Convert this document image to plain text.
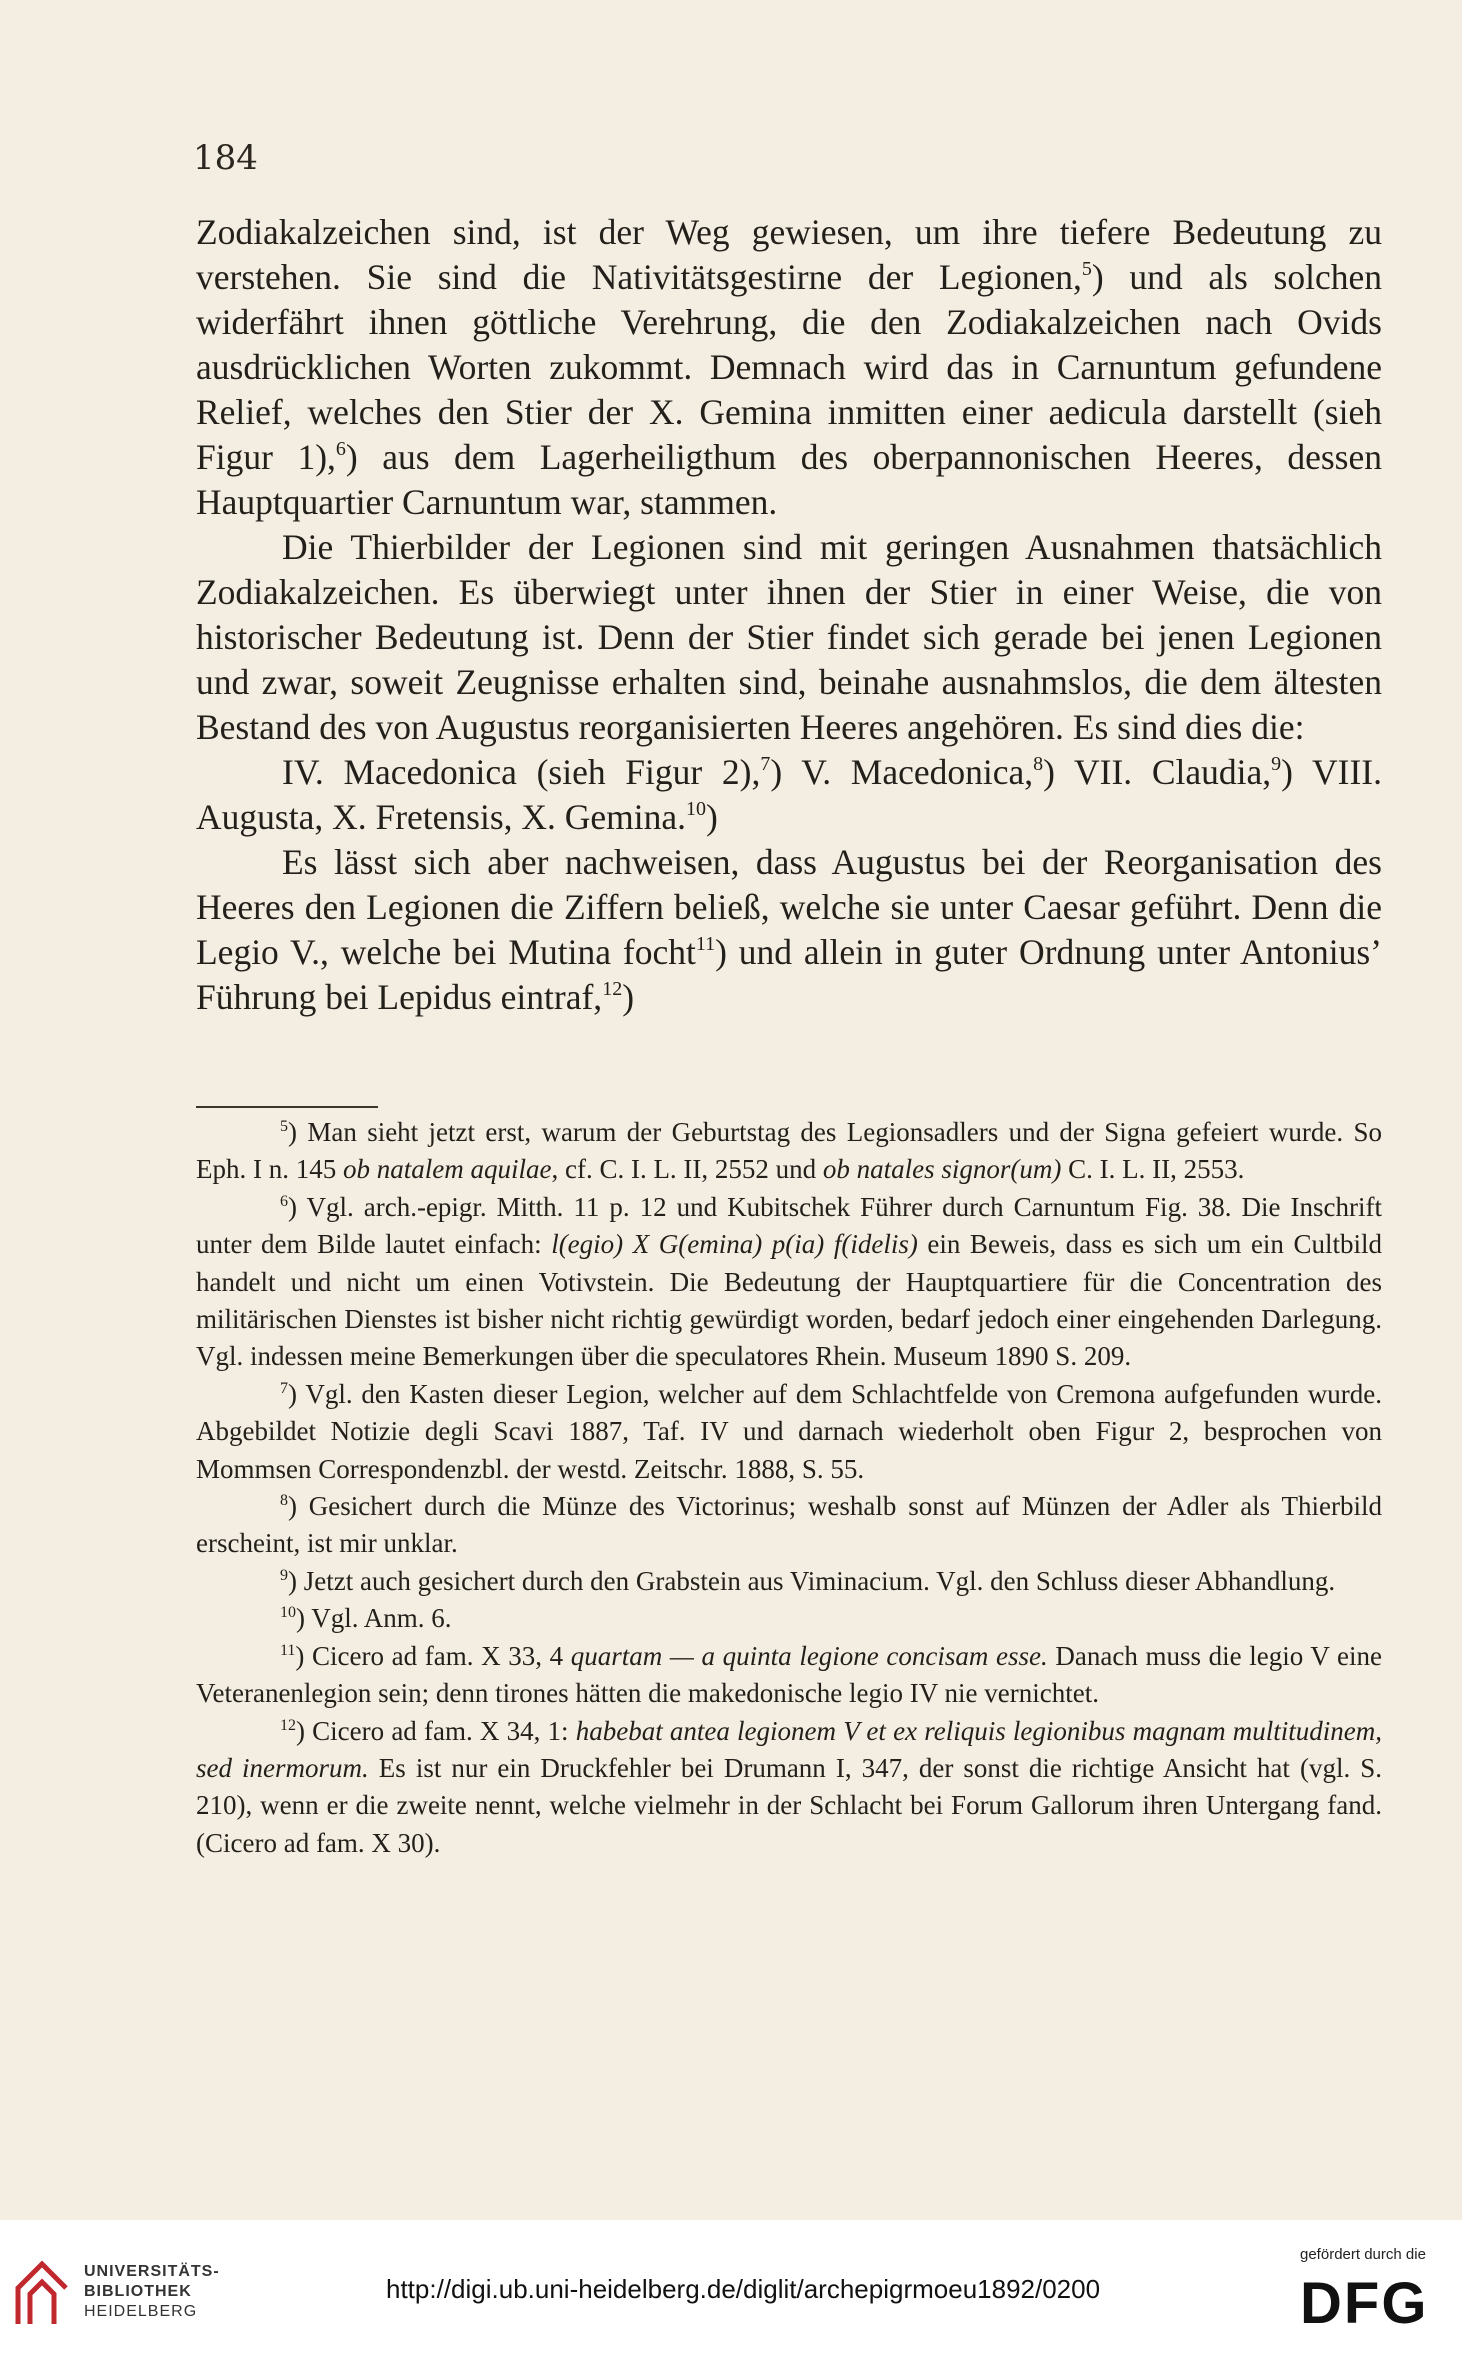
184

Zodiakalzeichen sind, ist der Weg gewiesen, um ihre tiefere Bedeutung zu verstehen. Sie sind die Nativitätsgestirne der Legionen,$^5$) und als solchen widerfährt ihnen göttliche Verehrung, die den Zodiakalzeichen nach Ovids ausdrücklichen Worten zukommt. Demnach wird das in Carnuntum gefundene Relief, welches den Stier der X. Gemina inmitten einer aedicula darstellt (sieh Figur 1),$^6$) aus dem Lagerheiligthum des oberpannonischen Heeres, dessen Hauptquartier Carnuntum war, stammen.

Die Thierbilder der Legionen sind mit geringen Ausnahmen thatsächlich Zodiakalzeichen. Es überwiegt unter ihnen der Stier in einer Weise, die von historischer Bedeutung ist. Denn der Stier findet sich gerade bei jenen Legionen und zwar, soweit Zeugnisse erhalten sind, beinahe ausnahmslos, die dem ältesten Bestand des von Augustus reorganisierten Heeres angehören. Es sind dies die:

IV. Macedonica (sieh Figur 2),$^7$) V. Macedonica,$^8$) VII. Claudia,$^9$) VIII. Augusta, X. Fretensis, X. Gemina.$^{10}$)

Es lässt sich aber nachweisen, dass Augustus bei der Reorganisation des Heeres den Legionen die Ziffern beließ, welche sie unter Caesar geführt. Denn die Legio V., welche bei Mutina focht$^{11}$) und allein in guter Ordnung unter Antonius’ Führung bei Lepidus eintraf,$^{12}$)

$^5$) Man sieht jetzt erst, warum der Geburtstag des Legionsadlers und der Signa gefeiert wurde. So Eph. I n. 145 ob natalem aquilae, cf. C. I. L. II, 2552 und ob natales signor(um) C. I. L. II, 2553.

$^6$) Vgl. arch.-epigr. Mitth. 11 p. 12 und Kubitschek Führer durch Carnuntum Fig. 38. Die Inschrift unter dem Bilde lautet einfach: l(egio) X G(emina) p(ia) f(idelis) ein Beweis, dass es sich um ein Cultbild handelt und nicht um einen Votivstein. Die Bedeutung der Hauptquartiere für die Concentration des militärischen Dienstes ist bisher nicht richtig gewürdigt worden, bedarf jedoch einer eingehenden Darlegung. Vgl. indessen meine Bemerkungen über die speculatores Rhein. Museum 1890 S. 209.

$^7$) Vgl. den Kasten dieser Legion, welcher auf dem Schlachtfelde von Cremona aufgefunden wurde. Abgebildet Notizie degli Scavi 1887, Taf. IV und darnach wiederholt oben Figur 2, besprochen von Mommsen Correspondenzbl. der westd. Zeitschr. 1888, S. 55.

$^8$) Gesichert durch die Münze des Victorinus; weshalb sonst auf Münzen der Adler als Thierbild erscheint, ist mir unklar.

$^9$) Jetzt auch gesichert durch den Grabstein aus Viminacium. Vgl. den Schluss dieser Abhandlung.

$^{10}$) Vgl. Anm. 6.

$^{11}$) Cicero ad fam. X 33, 4 quartam — a quinta legione concisam esse. Danach muss die legio V eine Veteranenlegion sein; denn tirones hätten die makedonische legio IV nie vernichtet.

$^{12}$) Cicero ad fam. X 34, 1: habebat antea legionem V et ex reliquis legionibus magnam multitudinem, sed inermorum. Es ist nur ein Druckfehler bei Drumann I, 347, der sonst die richtige Ansicht hat (vgl. S. 210), wenn er die zweite nennt, welche vielmehr in der Schlacht bei Forum Gallorum ihren Untergang fand. (Cicero ad fam. X 30).

UNIVERSITÄTS-
BIBLIOTHEK
HEIDELBERG
http://digi.ub.uni-heidelberg.de/diglit/archepigrmoeu1892/0200
gefördert durch die
DFG
